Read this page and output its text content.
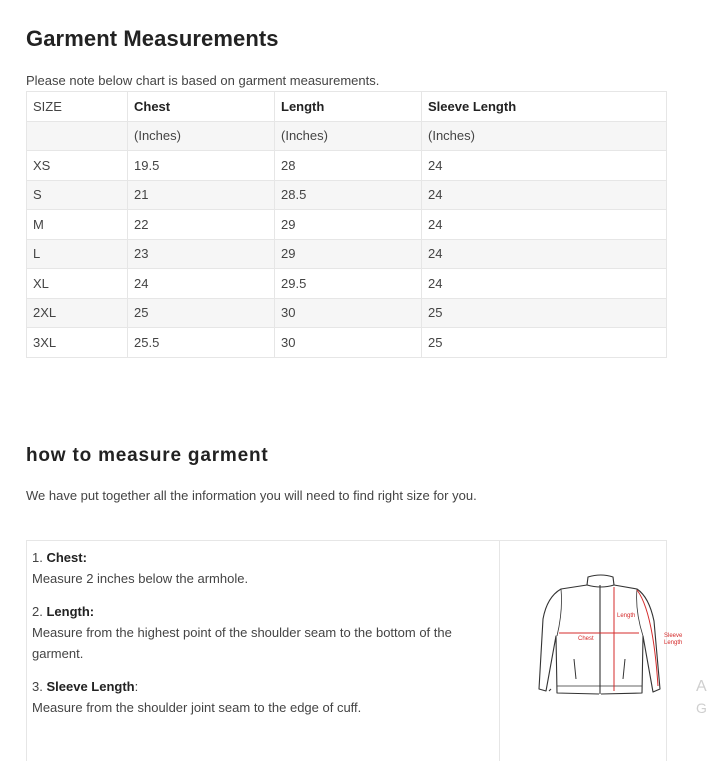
Garment Measurements

Please note below chart is based on garment measurements.

SIZE	Chest	Length	Sleeve Length
	(Inches)	(Inches)	(Inches)
XS	19.5	28	24
S	21	28.5	24
M	22	29	24
L	23	29	24
XL	24	29.5	24
2XL	25	30	25
3XL	25.5	30	25
how to measure garment

We have put together all the information you will need to find right size for you.

1. Chest:
Measure 2 inches below the armhole.
2. Length:
Measure from the highest point of the shoulder seam to the bottom of the garment.
3. Sleeve Length:
Measure from the shoulder joint seam to the edge of cuff.
Length
Chest	Sleeve
Length
A
G
